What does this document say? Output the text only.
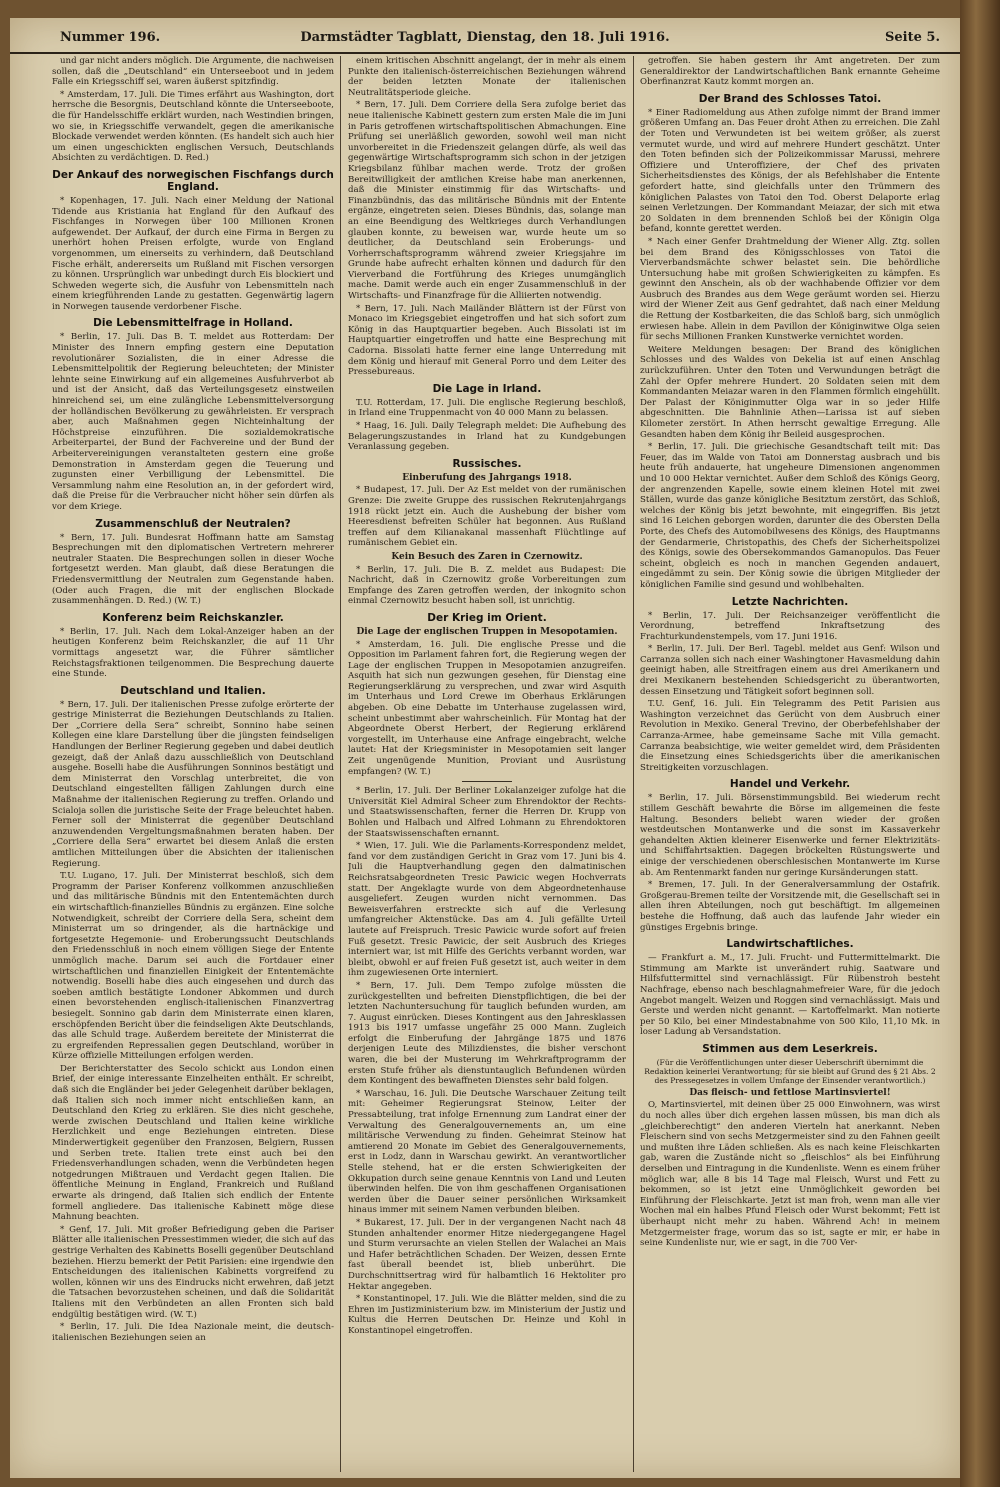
Nummer 196.	Darmstädter Tagblatt, Dienstag, den 18. Juli 1916.	Seite 5.

und gar nicht anders möglich. Die Argumente, die nachweisen sollen, daß die „Deutschland“ ein Unterseeboot und in jedem Falle ein Kriegsschiff sei, waren äußerst spitzfindig.

* Amsterdam, 17. Juli. Die Times erfährt aus Washington, dort herrsche die Besorgnis, Deutschland könnte die Unterseeboote, die für Handelsschiffe erklärt wurden, nach Westindien bringen, wo sie, in Kriegsschiffe verwandelt, gegen die amerikanische Blockade verwendet werden könnten. (Es handelt sich auch hier um einen ungeschickten englischen Versuch, Deutschlands Absichten zu verdächtigen. D. Red.)

Der Ankauf des norwegischen Fischfangs durch England.

* Kopenhagen, 17. Juli. Nach einer Meldung der National Tidende aus Kristiania hat England für den Aufkauf des Fischfanges in Norwegen über 100 Millionen Kronen aufgewendet. Der Aufkauf, der durch eine Firma in Bergen zu unerhört hohen Preisen erfolgte, wurde von England vorgenommen, um einerseits zu verhindern, daß Deutschland Fische erhält, andererseits um Rußland mit Fischen versorgen zu können. Ursprünglich war unbedingt durch Eis blockiert und Schweden wegerte sich, die Ausfuhr von Lebensmitteln nach einem kriegführenden Lande zu gestatten. Gegenwärtig lagern in Norwegen tausende verdorbener Fische.

Die Lebensmittelfrage in Holland.

* Berlin, 17. Juli. Das B. T. meldet aus Rotterdam: Der Minister des Innern empfing gestern eine Deputation revolutionärer Sozialisten, die in einer Adresse die Lebensmittelpolitik der Regierung beleuchteten; der Minister lehnte seine Einwirkung auf ein allgemeines Ausfuhrverbot ab und ist der Ansicht, daß das Verteilungsgesetz einstweilen hinreichend sei, um eine zulängliche Lebensmittelversorgung der holländischen Bevölkerung zu gewährleisten. Er versprach aber, auch Maßnahmen gegen Nichteinhaltung der Höchstpreise einzuführen. Die sozialdemokratische Arbeiterpartei, der Bund der Fachvereine und der Bund der Arbeitervereinigungen veranstalteten gestern eine große Demonstration in Amsterdam gegen die Teuerung und zugunsten einer Verbilligung der Lebensmittel. Die Versammlung nahm eine Resolution an, in der gefordert wird, daß die Preise für die Verbraucher nicht höher sein dürfen als vor dem Kriege.

Zusammenschluß der Neutralen?

* Bern, 17. Juli. Bundesrat Hoffmann hatte am Samstag Besprechungen mit den diplomatischen Vertretern mehrerer neutraler Staaten. Die Besprechungen sollen in dieser Woche fortgesetzt werden. Man glaubt, daß diese Beratungen die Friedensvermittlung der Neutralen zum Gegenstande haben. (Oder auch Fragen, die mit der englischen Blockade zusammenhängen. D. Red.) (W. T.)

Konferenz beim Reichskanzler.

* Berlin, 17. Juli. Nach dem Lokal-Anzeiger haben an der heutigen Konferenz beim Reichskanzler, die auf 11 Uhr vormittags angesetzt war, die Führer sämtlicher Reichstagsfraktionen teilgenommen. Die Besprechung dauerte eine Stunde.

Deutschland und Italien.

* Bern, 17. Juli. Der italienischen Presse zufolge erörterte der gestrige Ministerrat die Beziehungen Deutschlands zu Italien. Der „Corriere della Sera“ schreibt, Sonnino habe seinen Kollegen eine klare Darstellung über die jüngsten feindseligen Handlungen der Berliner Regierung gegeben und dabei deutlich gezeigt, daß der Anlaß dazu ausschließlich von Deutschland ausgehe. Boselli habe die Ausführungen Sonninos bestätigt und dem Ministerrat den Vorschlag unterbreitet, die von Deutschland eingestellten fälligen Zahlungen durch eine Maßnahme der italienischen Regierung zu treffen. Orlando und Scialoja sollen die juristische Seite der Frage beleuchtet haben. Ferner soll der Ministerrat die gegenüber Deutschland anzuwendenden Vergeltungsmaßnahmen beraten haben. Der „Corriere della Sera“ erwartet bei diesem Anlaß die ersten amtlichen Mitteilungen über die Absichten der italienischen Regierung.

T.U. Lugano, 17. Juli. Der Ministerrat beschloß, sich dem Programm der Pariser Konferenz vollkommen anzuschließen und das militärische Bündnis mit den Ententemächten durch ein wirtschaftlich-finanzielles Bündnis zu ergänzen. Eine solche Notwendigkeit, schreibt der Corriere della Sera, scheint dem Ministerrat um so dringender, als die hartnäckige und fortgesetzte Hegemonie- und Eroberungssucht Deutschlands den Friedensschluß in noch einem völligen Siege der Entente unmöglich mache. Darum sei auch die Fortdauer einer wirtschaftlichen und finanziellen Einigkeit der Ententemächte notwendig. Boselli habe dies auch eingesehen und durch das soeben amtlich bestätigte Londoner Abkommen und durch einen bevorstehenden englisch-italienischen Finanzvertrag besiegelt. Sonnino gab darin dem Ministerrate einen klaren, erschöpfenden Bericht über die feindseligen Akte Deutschlands, das alle Schuld trage. Außerdem bereitete der Ministerrat die zu ergreifenden Repressalien gegen Deutschland, worüber in Kürze offizielle Mitteilungen erfolgen werden.

Der Berichterstatter des Secolo schickt aus London einen Brief, der einige interessante Einzelheiten enthält. Er schreibt, daß sich die Engländer bei jeder Gelegenheit darüber beklagen, daß Italien sich noch immer nicht entschließen kann, an Deutschland den Krieg zu erklären. Sie dies nicht geschehe, werde zwischen Deutschland und Italien keine wirkliche Herzlichkeit und enge Beziehungen eintreten. Diese Minderwertigkeit gegenüber den Franzosen, Belgiern, Russen und Serben trete. Italien trete einst auch bei den Friedensverhandlungen schaden, wenn die Verbündeten hegen notgedrungen Mißtrauen und Verdacht gegen Italien. Die öffentliche Meinung in England, Frankreich und Rußland erwarte als dringend, daß Italien sich endlich der Entente formell angliedere. Das italienische Kabinett möge diese Mahnung beachten.

* Genf, 17. Juli. Mit großer Befriedigung geben die Pariser Blätter alle italienischen Pressestimmen wieder, die sich auf das gestrige Verhalten des Kabinetts Boselli gegenüber Deutschland beziehen. Hierzu bemerkt der Petit Parisien: eine irgendwie den Entscheidungen des italienischen Kabinetts vorgreifend zu wollen, können wir uns des Eindrucks nicht erwehren, daß jetzt die Tatsachen bevorzustehen scheinen, und daß die Solidarität Italiens mit den Verbündeten an allen Fronten sich bald endgültig bestätigen wird. (W. T.)

* Berlin, 17. Juli. Die Idea Nazionale meint, die deutsch-italienischen Beziehungen seien an

einem kritischen Abschnitt angelangt, der in mehr als einem Punkte den italienisch-österreichischen Beziehungen während der beiden letzten Monate der italienischen Neutralitätsperiode gleiche.

* Bern, 17. Juli. Dem Corriere della Sera zufolge beriet das neue italienische Kabinett gestern zum ersten Male die im Juni in Paris getroffenen wirtschaftspolitischen Abmachungen. Eine Prüfung sei unerläßlich geworden, sowohl weil man nicht unvorbereitet in die Friedenszeit gelangen dürfe, als weil das gegenwärtige Wirtschaftsprogramm sich schon in der jetzigen Kriegsbilanz fühlbar machen werde. Trotz der großen Bereitwilligkeit der amtlichen Kreise habe man anerkennen, daß die Minister einstimmig für das Wirtschafts- und Finanzbündnis, das das militärische Bündnis mit der Entente ergänze, eingetreten seien. Dieses Bündnis, das, solange man an eine Beendigung des Weltkrieges durch Verhandlungen glauben konnte, zu beweisen war, wurde heute um so deutlicher, da Deutschland sein Eroberungs- und Vorherrschaftsprogramm während zweier Kriegsjahre im Grunde habe aufrecht erhalten können und dadurch für den Vierverband die Fortführung des Krieges unumgänglich mache. Damit werde auch ein enger Zusammenschluß in der Wirtschafts- und Finanzfrage für die Alliierten notwendig.

* Bern, 17. Juli. Nach Mailänder Blättern ist der Fürst von Monaco im Kriegsgebiet eingetroffen und hat sich sofort zum König in das Hauptquartier begeben. Auch Bissolati ist im Hauptquartier eingetroffen und hatte eine Besprechung mit Cadorna. Bissolati hatte ferner eine lange Unterredung mit dem König und hierauf mit General Porro und dem Leiter des Pressebureaus.

Die Lage in Irland.

T.U. Rotterdam, 17. Juli. Die englische Regierung beschloß, in Irland eine Truppenmacht von 40 000 Mann zu belassen.

* Haag, 16. Juli. Daily Telegraph meldet: Die Aufhebung des Belagerungszustandes in Irland hat zu Kundgebungen Veranlassung gegeben.

Russisches.
Einberufung des Jahrgangs 1918.

* Budapest, 17. Juli. Der Az Est meldet von der rumänischen Grenze: Die zweite Gruppe des russischen Rekrutenjahrgangs 1918 rückt jetzt ein. Auch die Aushebung der bisher vom Heeresdienst befreiten Schüler hat begonnen. Aus Rußland treffen auf dem Kilianakanal massenhaft Flüchtlinge auf rumänischem Gebiet ein.

Kein Besuch des Zaren in Czernowitz.

* Berlin, 17. Juli. Die B. Z. meldet aus Budapest: Die Nachricht, daß in Czernowitz große Vorbereitungen zum Empfange des Zaren getroffen werden, der inkognito schon einmal Czernowitz besucht haben soll, ist unrichtig.

Der Krieg im Orient.
Die Lage der englischen Truppen in Mesopotamien.

* Amsterdam, 16. Juli. Die englische Presse und die Opposition im Parlament fahren fort, die Regierung wegen der Lage der englischen Truppen in Mesopotamien anzugreifen. Asquith hat sich nun gezwungen gesehen, für Dienstag eine Regierungserklärung zu versprechen, und zwar wird Asquith im Unterhaus und Lord Crewe im Oberhaus Erklärungen abgeben. Ob eine Debatte im Unterhause zugelassen wird, scheint unbestimmt aber wahrscheinlich. Für Montag hat der Abgeordnete Oberst Herbert, der Regierung erklärend vorgestellt, im Unterhause eine Anfrage eingebracht, welche lautet: Hat der Kriegsminister in Mesopotamien seit langer Zeit ungenügende Munition, Proviant und Ausrüstung empfangen? (W. T.)

* Berlin, 17. Juli. Der Berliner Lokalanzeiger zufolge hat die Universität Kiel Admiral Scheer zum Ehrendoktor der Rechts- und Staatswissenschaften, ferner die Herren Dr. Krupp von Bohlen und Halbach und Alfred Lohmann zu Ehrendoktoren der Staatswissenschaften ernannt.

* Wien, 17. Juli. Wie die Parlaments-Korrespondenz meldet, fand vor dem zuständigen Gericht in Graz vom 17. Juni bis 4. Juli die Hauptverhandlung gegen den dalmatinischen Reichsratsabgeordneten Tresic Pawicic wegen Hochverrats statt. Der Angeklagte wurde von dem Abgeordnetenhause ausgeliefert. Zeugen wurden nicht vernommen. Das Beweisverfahren erstreckte sich auf die Verlesung umfangreicher Aktenstücke. Das am 4. Juli gefällte Urteil lautete auf Freispruch. Tresic Pawicic wurde sofort auf freien Fuß gesetzt. Tresic Pawicic, der seit Ausbruch des Krieges interniert war, ist mit Hilfe des Gerichts verbannt worden, war bleibt, obwohl er auf freien Fuß gesetzt ist, auch weiter in dem ihm zugewiesenen Orte interniert.

* Bern, 17. Juli. Dem Tempo zufolge müssten die zurückgestellten und befreiten Dienstpflichtigen, die bei der letzten Nachuntersuchung für tauglich befunden wurden, am 7. August einrücken. Dieses Kontingent aus den Jahresklassen 1913 bis 1917 umfasse ungefähr 25 000 Mann. Zugleich erfolgt die Einberufung der Jahrgänge 1875 und 1876 derjenigen Leute des Milizdienstes, die bisher verschont waren, die bei der Musterung im Wehrkraftprogramm der ersten Stufe früher als dienstuntauglich Befundenen würden dem Kontingent des bewaffneten Dienstes sehr bald folgen.

* Warschau, 16. Juli. Die Deutsche Warschauer Zeitung teilt mit: Geheimer Regierungsrat Steinow, Leiter der Pressabteilung, trat infolge Ernennung zum Landrat einer der Verwaltung des Generalgouvernements an, um eine militärische Verwendung zu finden. Geheimrat Steinow hat amtierend 20 Monate im Gebiet des Generalgouvernements, erst in Lodz, dann in Warschau gewirkt. An verantwortlicher Stelle stehend, hat er die ersten Schwierigkeiten der Okkupation durch seine genaue Kenntnis von Land und Leuten überwinden helfen. Die von ihm geschaffenen Organisationen werden über die Dauer seiner persönlichen Wirksamkeit hinaus immer mit seinem Namen verbunden bleiben.

* Bukarest, 17. Juli. Der in der vergangenen Nacht nach 48 Stunden anhaltender enormer Hitze niedergegangene Hagel und Sturm verursachte an vielen Stellen der Walachei an Mais und Hafer beträchtlichen Schaden. Der Weizen, dessen Ernte fast überall beendet ist, blieb unberührt. Die Durchschnittsertrag wird für halbamtlich 16 Hektoliter pro Hektar angegeben.

* Konstantinopel, 17. Juli. Wie die Blätter melden, sind die zu Ehren im Justizministerium bzw. im Ministerium der Justiz und Kultus die Herren Deutschen Dr. Heinze und Kohl in Konstantinopel eingetroffen.

getroffen. Sie haben gestern ihr Amt angetreten. Der zum Generaldirektor der Landwirtschaftlichen Bank ernannte Geheime Oberfinanzrat Kautz kommt morgen an.

Der Brand des Schlosses Tatoi.

* Einer Radiomeldung aus Athen zufolge nimmt der Brand immer größeren Umfang an. Das Feuer droht Athen zu erreichen. Die Zahl der Toten und Verwundeten ist bei weitem größer, als zuerst vermutet wurde, und wird auf mehrere Hundert geschätzt. Unter den Toten befinden sich der Polizeikommissar Marussi, mehrere Offiziere und Unteroffiziere, der Chef des privaten Sicherheitsdienstes des Königs, der als Befehlshaber die Entente gefordert hatte, sind gleichfalls unter den Trümmern des königlichen Palastes von Tatoi den Tod. Oberst Delaporte erlag seinen Verletzungen. Der Kommandant Meiazar, der sich mit etwa 20 Soldaten in dem brennenden Schloß bei der Königin Olga befand, konnte gerettet werden.

* Nach einer Genfer Drahtmeldung der Wiener Allg. Ztg. sollen bei dem Brand des Königsschlosses von Tatoi die Vierverbandsmächte schwer belastet sein. Die behördliche Untersuchung habe mit großen Schwierigkeiten zu kämpfen. Es gewinnt den Anschein, als ob der wachhabende Offizier vor dem Ausbruch des Brandes aus dem Wege geräumt worden sei. Hierzu wird der Wiener Zeit aus Genf gedrahtet, daß nach einer Meldung die Rettung der Kostbarkeiten, die das Schloß barg, sich unmöglich erwiesen habe. Allein in dem Pavillon der Königinwitwe Olga seien für sechs Millionen Franken Kunstwerke vernichtet worden.

Weitere Meldungen besagen: Der Brand des königlichen Schlosses und des Waldes von Dekelia ist auf einen Anschlag zurückzuführen. Unter den Toten und Verwundungen beträgt die Zahl der Opfer mehrere Hundert. 20 Soldaten seien mit dem Kommandanten Meiazar waren in den Flammen förmlich eingehüllt. Der Palast der Königinmutter Olga war in so jeder Hilfe abgeschnitten. Die Bahnlinie Athen—Larissa ist auf sieben Kilometer zerstört. In Athen herrscht gewaltige Erregung. Alle Gesandten haben dem König ihr Beileid ausgesprochen.

* Berlin, 17. Juli. Die griechische Gesandtschaft teilt mit: Das Feuer, das im Walde von Tatoi am Donnerstag ausbrach und bis heute früh andauerte, hat ungeheure Dimensionen angenommen und 10 000 Hektar vernichtet. Außer dem Schloß des Königs Georg, der angrenzenden Kapelle, sowie einem kleinen Hotel mit zwei Ställen, wurde das ganze königliche Besitztum zerstört, das Schloß, welches der König bis jetzt bewohnte, mit eingegriffen. Bis jetzt sind 16 Leichen geborgen worden, darunter die des Obersten Della Porte, des Chefs des Automobilwesens des Königs, des Hauptmanns der Gendarmerie, Christopathis, des Chefs der Sicherheitspolizei des Königs, sowie des Obersekommandos Gamanopulos. Das Feuer scheint, obgleich es noch in manchen Gegenden andauert, eingedämmt zu sein. Der König sowie die übrigen Mitglieder der königlichen Familie sind gesund und wohlbehalten.

Letzte Nachrichten.

* Berlin, 17. Juli. Der Reichsanzeiger veröffentlicht die Verordnung, betreffend Inkraftsetzung des Frachturkundenstempels, vom 17. Juni 1916.

* Berlin, 17. Juli. Der Berl. Tagebl. meldet aus Genf: Wilson und Carranza sollen sich nach einer Washingtoner Havasmeldung dahin geeinigt haben, alle Streitfragen einem aus drei Amerikanern und drei Mexikanern bestehenden Schiedsgericht zu überantworten, dessen Einsetzung und Tätigkeit sofort beginnen soll.

T.U. Genf, 16. Juli. Ein Telegramm des Petit Parisien aus Washington verzeichnet das Gerücht von dem Ausbruch einer Revolution in Mexiko. General Trevino, der Oberbefehlshaber der Carranza-Armee, habe gemeinsame Sache mit Villa gemacht. Carranza beabsichtige, wie weiter gemeldet wird, dem Präsidenten die Einsetzung eines Schiedsgerichts über die amerikanischen Streitigkeiten vorzuschlagen.

Handel und Verkehr.

* Berlin, 17. Juli. Börsenstimmungsbild. Bei wiederum recht stillem Geschäft bewahrte die Börse im allgemeinen die feste Haltung. Besonders beliebt waren wieder der großen westdeutschen Montanwerke und die sonst im Kassaverkehr gehandelten Aktien kleinerer Eisenwerke und ferner Elektrizitäts- und Schiffahrtsaktien. Dagegen bröckelten Rüstungswerte und einige der verschiedenen oberschlesischen Montanwerte im Kurse ab. Am Rentenmarkt fanden nur geringe Kursänderungen statt.

* Bremen, 17. Juli. In der Generalversammlung der Ostafrik. Großgerau-Bremen teilte der Vorsitzende mit, die Gesellschaft sei in allen ihren Abteilungen, noch gut beschäftigt. Im allgemeinen bestehe die Hoffnung, daß auch das laufende Jahr wieder ein günstiges Ergebnis bringe.

Landwirtschaftliches.

— Frankfurt a. M., 17. Juli. Frucht- und Futtermittelmarkt. Die Stimmung am Markte ist unverändert ruhig. Saatware und Hilfsfuttermittel sind vernachlässigt. Für Rübenstroh besteht Nachfrage, ebenso nach beschlagnahmefreier Ware, für die jedoch Angebot mangelt. Weizen und Roggen sind vernachlässigt. Mais und Gerste und werden nicht genannt. — Kartoffelmarkt. Man notierte per 50 Kilo, bei einer Mindestabnahme von 500 Kilo, 11,10 Mk. in loser Ladung ab Versandstation.

Stimmen aus dem Leserkreis.

(Für die Veröffentlichungen unter dieser Ueberschrift übernimmt die Redaktion keinerlei Verantwortung; für sie bleibt auf Grund des § 21 Abs. 2 des Pressegesetzes in vollem Umfange der Einsender verantwortlich.)

Das fleisch- und fettlose Martinsviertel!

O, Martinsviertel, mit deinen über 25 000 Einwohnern, was wirst du noch alles über dich ergehen lassen müssen, bis man dich als „gleichberechtigt“ den anderen Vierteln hat anerkannt. Neben Fleischern sind von sechs Metzgermeister sind zu den Fahnen geeilt und mußten ihre Läden schließen. Als es nach keine Fleischkarten gab, waren die Zustände nicht so „fleischlos“ als bei Einführung derselben und Eintragung in die Kundenliste. Wenn es einem früher möglich war, alle 8 bis 14 Tage mal Fleisch, Wurst und Fett zu bekommen, so ist jetzt eine Unmöglichkeit geworden bei Einführung der Fleischkarte. Jetzt ist man froh, wenn man alle vier Wochen mal ein halbes Pfund Fleisch oder Wurst bekommt; Fett ist überhaupt nicht mehr zu haben. Während Ach! in meinem Metzgermeister frage, worum das so ist, sagte er mir, er habe in seine Kundenliste nur, wie er sagt, in die 700 Ver-
